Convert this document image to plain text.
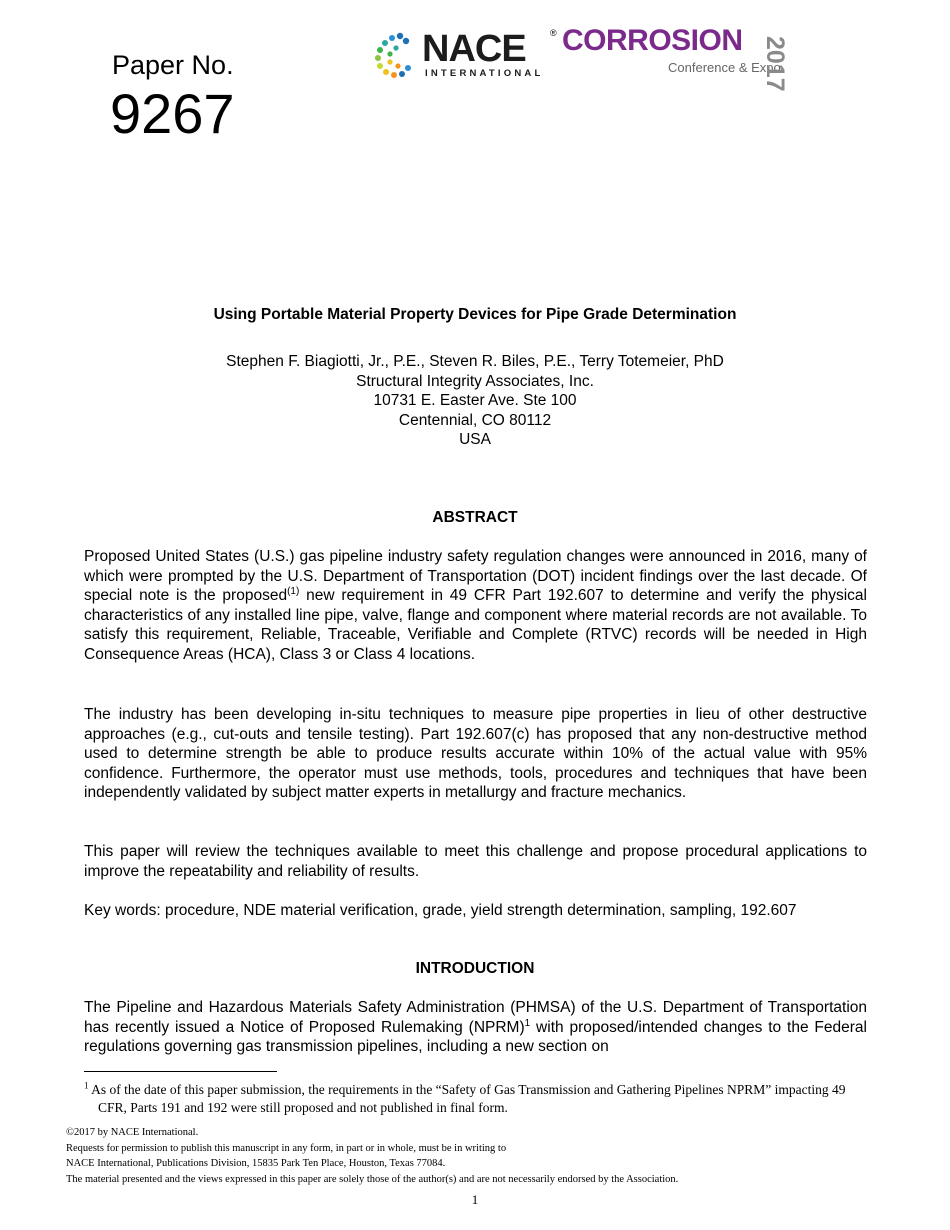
Paper No.
9267
NACE	®
INTERNATIONAL
CORROSION
Conference & Expo
2017
Using Portable Material Property Devices for Pipe Grade Determination
Stephen F. Biagiotti, Jr., P.E., Steven R. Biles, P.E., Terry Totemeier, PhD
Structural Integrity Associates, Inc.
10731 E. Easter Ave. Ste 100
Centennial, CO 80112
USA
ABSTRACT

Proposed United States (U.S.) gas pipeline industry safety regulation changes were announced in 2016, many of which were prompted by the U.S. Department of Transportation (DOT) incident findings over the last decade. Of special note is the proposed$^{(1)}$ new requirement in 49 CFR Part 192.607 to determine and verify the physical characteristics of any installed line pipe, valve, flange and component where material records are not available. To satisfy this requirement, Reliable, Traceable, Verifiable and Complete (RTVC) records will be needed in High Consequence Areas (HCA), Class 3 or Class 4 locations.

The industry has been developing in-situ techniques to measure pipe properties in lieu of other destructive approaches (e.g., cut-outs and tensile testing). Part 192.607(c) has proposed that any non-destructive method used to determine strength be able to produce results accurate within 10% of the actual value with 95% confidence. Furthermore, the operator must use methods, tools, procedures and techniques that have been independently validated by subject matter experts in metallurgy and fracture mechanics.

This paper will review the techniques available to meet this challenge and propose procedural applications to improve the repeatability and reliability of results.

Key words: procedure, NDE material verification, grade, yield strength determination, sampling, 192.607

INTRODUCTION

The Pipeline and Hazardous Materials Safety Administration (PHMSA) of the U.S. Department of Transportation has recently issued a Notice of Proposed Rulemaking (NPRM)$^1$ with proposed/intended changes to the Federal regulations governing gas transmission pipelines, including a new section on

$^1$ As of the date of this paper submission, the requirements in the “Safety of Gas Transmission and Gathering Pipelines NPRM” impacting 49 CFR, Parts 191 and 192 were still proposed and not published in final form.

©2017 by NACE International.
Requests for permission to publish this manuscript in any form, in part or in whole, must be in writing to
NACE International, Publications Division, 15835 Park Ten Place, Houston, Texas 77084.
The material presented and the views expressed in this paper are solely those of the author(s) and are not necessarily endorsed by the Association.
1
